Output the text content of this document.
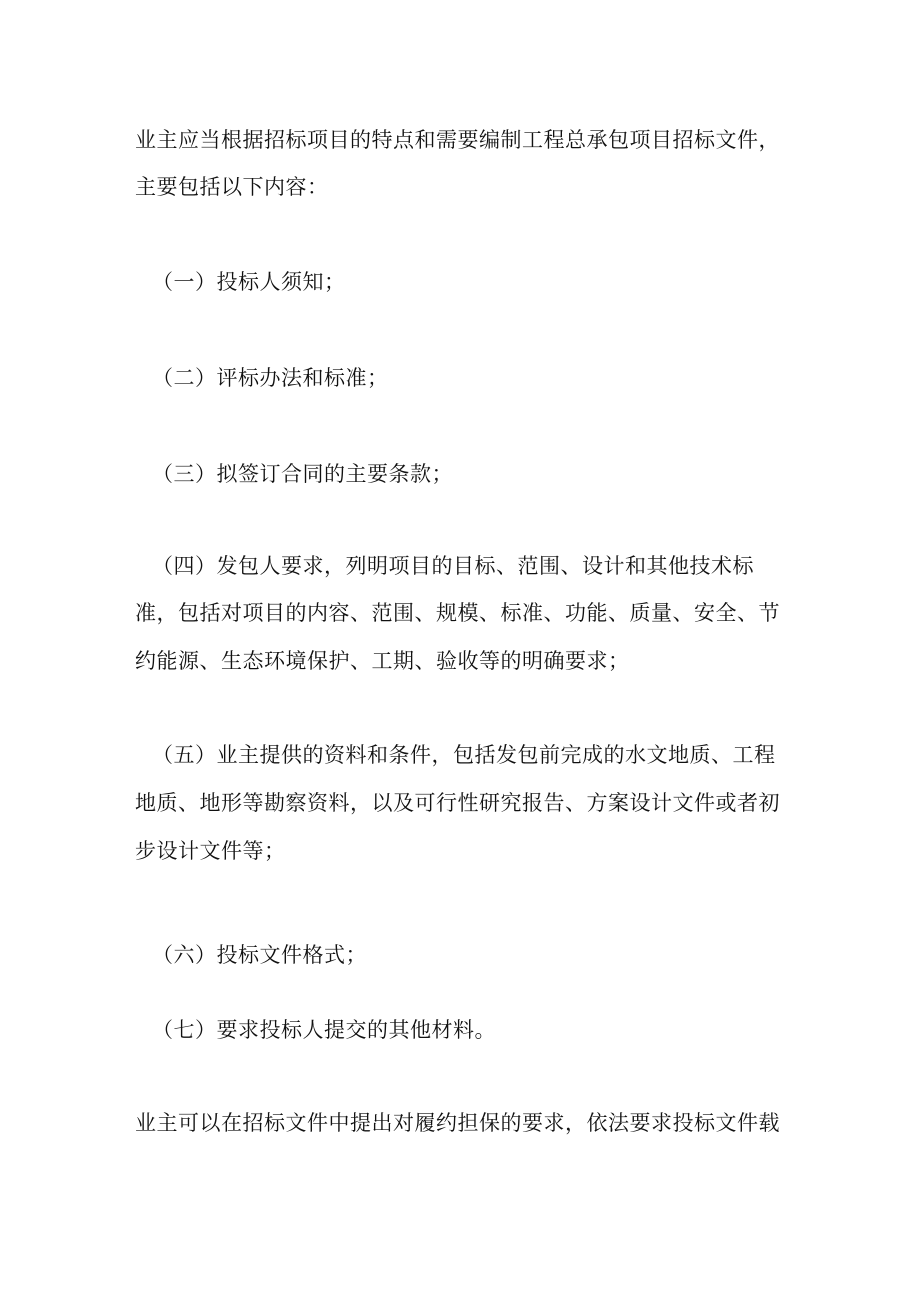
业主应当根据招标项目的特点和需要编制工程总承包项目招标文件，
主要包括以下内容：
（一）投标人须知；
（二）评标办法和标准；
（三）拟签订合同的主要条款；
（四）发包人要求，列明项目的目标、范围、设计和其他技术标
准，包括对项目的内容、范围、规模、标准、功能、质量、安全、节
约能源、生态环境保护、工期、验收等的明确要求；
（五）业主提供的资料和条件，包括发包前完成的水文地质、工程
地质、地形等勘察资料，以及可行性研究报告、方案设计文件或者初
步设计文件等；
（六）投标文件格式；
（七）要求投标人提交的其他材料。
业主可以在招标文件中提出对履约担保的要求，依法要求投标文件载
